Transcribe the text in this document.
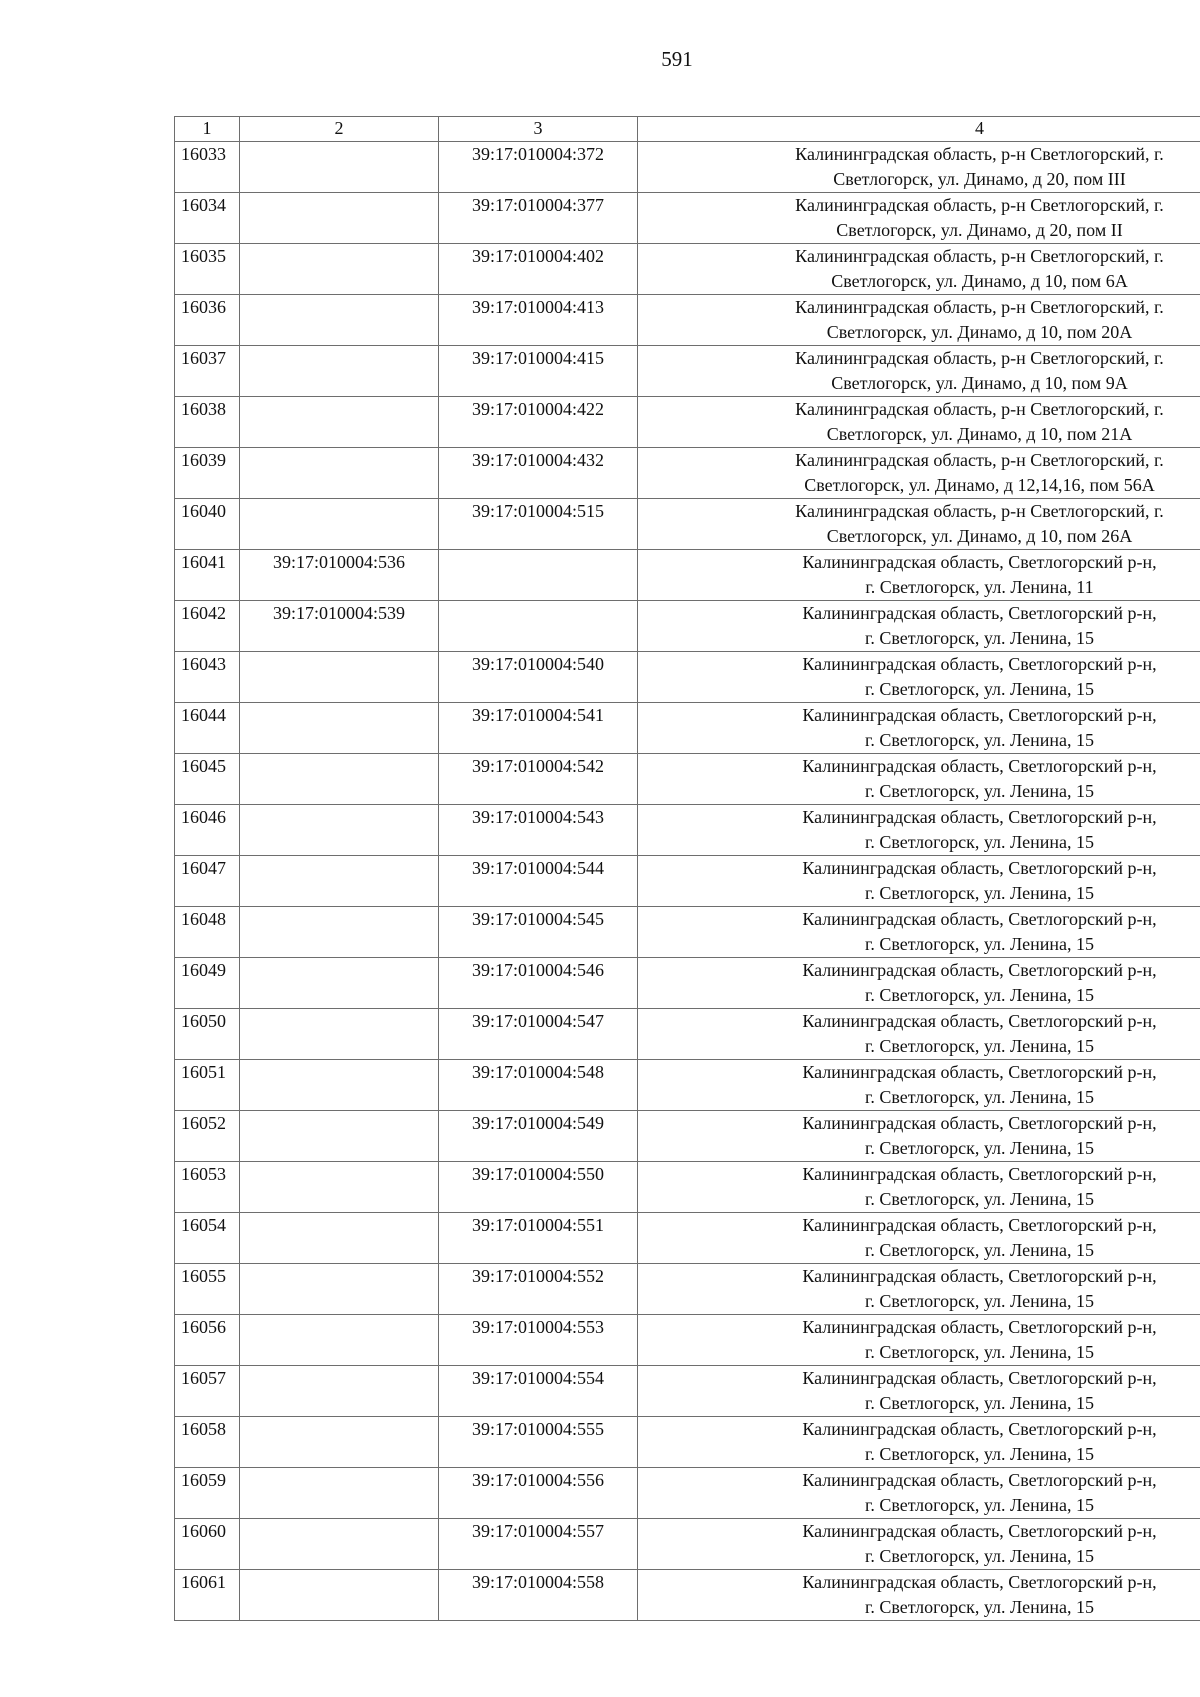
591
1	2	3	4
16033		39:17:010004:372	Калининградская область, р-н Светлогорский, г.
Светлогорск, ул. Динамо, д 20, пом III

16034		39:17:010004:377	Калининградская область, р-н Светлогорский, г.
Светлогорск, ул. Динамо, д 20, пом II

16035		39:17:010004:402	Калининградская область, р-н Светлогорский, г.
Светлогорск, ул. Динамо, д 10, пом 6А

16036		39:17:010004:413	Калининградская область, р-н Светлогорский, г.
Светлогорск, ул. Динамо, д 10, пом 20А

16037		39:17:010004:415	Калининградская область, р-н Светлогорский, г.
Светлогорск, ул. Динамо, д 10, пом 9А

16038		39:17:010004:422	Калининградская область, р-н Светлогорский, г.
Светлогорск, ул. Динамо, д 10, пом 21А

16039		39:17:010004:432	Калининградская область, р-н Светлогорский, г.
Светлогорск, ул. Динамо, д 12,14,16, пом 56А

16040		39:17:010004:515	Калининградская область, р-н Светлогорский, г.
Светлогорск, ул. Динамо, д 10, пом 26А

16041	39:17:010004:536		Калининградская область, Светлогорский р-н,
г. Светлогорск, ул. Ленина, 11

16042	39:17:010004:539		Калининградская область, Светлогорский р-н,
г. Светлогорск, ул. Ленина, 15

16043		39:17:010004:540	Калининградская область, Светлогорский р-н,
г. Светлогорск, ул. Ленина, 15

16044		39:17:010004:541	Калининградская область, Светлогорский р-н,
г. Светлогорск, ул. Ленина, 15

16045		39:17:010004:542	Калининградская область, Светлогорский р-н,
г. Светлогорск, ул. Ленина, 15

16046		39:17:010004:543	Калининградская область, Светлогорский р-н,
г. Светлогорск, ул. Ленина, 15

16047		39:17:010004:544	Калининградская область, Светлогорский р-н,
г. Светлогорск, ул. Ленина, 15

16048		39:17:010004:545	Калининградская область, Светлогорский р-н,
г. Светлогорск, ул. Ленина, 15

16049		39:17:010004:546	Калининградская область, Светлогорский р-н,
г. Светлогорск, ул. Ленина, 15

16050		39:17:010004:547	Калининградская область, Светлогорский р-н,
г. Светлогорск, ул. Ленина, 15

16051		39:17:010004:548	Калининградская область, Светлогорский р-н,
г. Светлогорск, ул. Ленина, 15

16052		39:17:010004:549	Калининградская область, Светлогорский р-н,
г. Светлогорск, ул. Ленина, 15

16053		39:17:010004:550	Калининградская область, Светлогорский р-н,
г. Светлогорск, ул. Ленина, 15

16054		39:17:010004:551	Калининградская область, Светлогорский р-н,
г. Светлогорск, ул. Ленина, 15

16055		39:17:010004:552	Калининградская область, Светлогорский р-н,
г. Светлогорск, ул. Ленина, 15

16056		39:17:010004:553	Калининградская область, Светлогорский р-н,
г. Светлогорск, ул. Ленина, 15

16057		39:17:010004:554	Калининградская область, Светлогорский р-н,
г. Светлогорск, ул. Ленина, 15

16058		39:17:010004:555	Калининградская область, Светлогорский р-н,
г. Светлогорск, ул. Ленина, 15

16059		39:17:010004:556	Калининградская область, Светлогорский р-н,
г. Светлогорск, ул. Ленина, 15

16060		39:17:010004:557	Калининградская область, Светлогорский р-н,
г. Светлогорск, ул. Ленина, 15

16061		39:17:010004:558	Калининградская область, Светлогорский р-н,
г. Светлогорск, ул. Ленина, 15
